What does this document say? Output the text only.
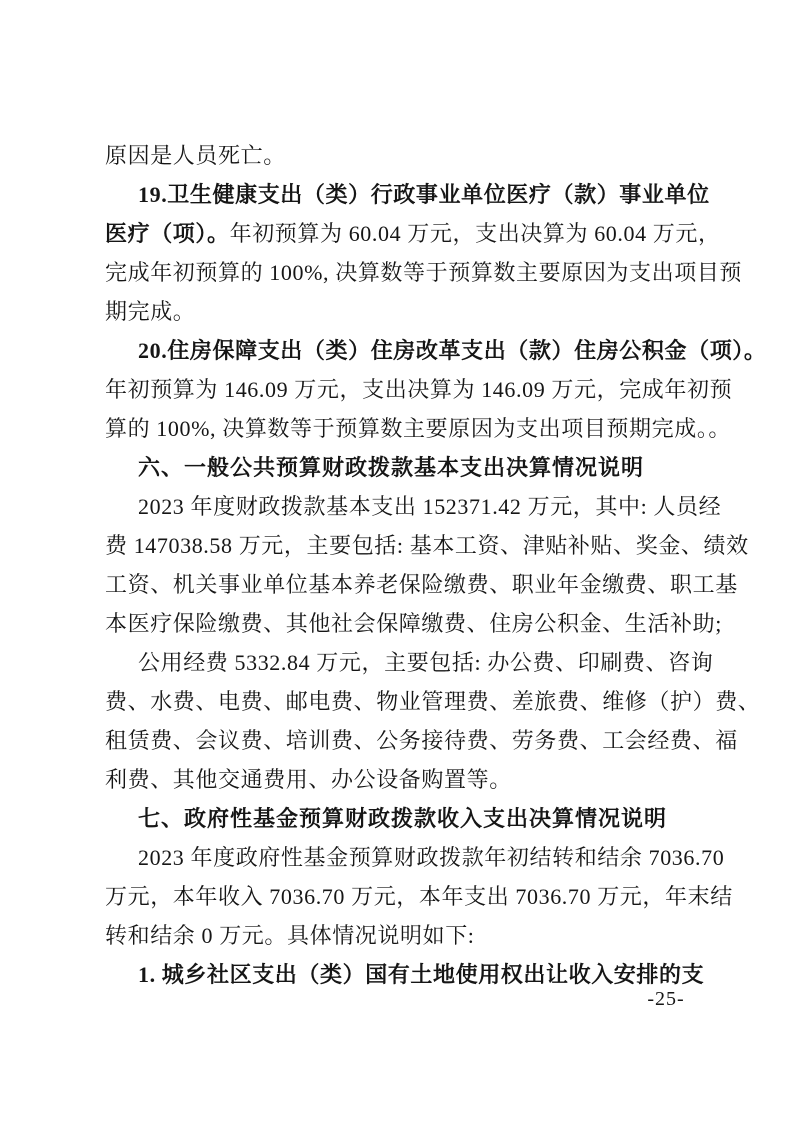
原因是人员死亡。
19.卫生健康支出（类）行政事业单位医疗（款）事业单位
医疗（项）。年初预算为 60.04 万元，支出决算为 60.04 万元，
完成年初预算的 100%, 决算数等于预算数主要原因为支出项目预
期完成。
20.住房保障支出（类）住房改革支出（款）住房公积金（项）。
年初预算为 146.09 万元，支出决算为 146.09 万元，完成年初预
算的 100%, 决算数等于预算数主要原因为支出项目预期完成。。
六、一般公共预算财政拨款基本支出决算情况说明
2023 年度财政拨款基本支出 152371.42 万元，其中: 人员经
费 147038.58 万元，主要包括: 基本工资、津贴补贴、奖金、绩效
工资、机关事业单位基本养老保险缴费、职业年金缴费、职工基
本医疗保险缴费、其他社会保障缴费、住房公积金、生活补助;
公用经费 5332.84 万元，主要包括: 办公费、印刷费、咨询
费、水费、电费、邮电费、物业管理费、差旅费、维修（护）费、
租赁费、会议费、培训费、公务接待费、劳务费、工会经费、福
利费、其他交通费用、办公设备购置等。
七、政府性基金预算财政拨款收入支出决算情况说明
2023 年度政府性基金预算财政拨款年初结转和结余 7036.70
万元，本年收入 7036.70 万元，本年支出 7036.70 万元，年末结
转和结余 0 万元。具体情况说明如下:
1. 城乡社区支出（类）国有土地使用权出让收入安排的支
-25-
